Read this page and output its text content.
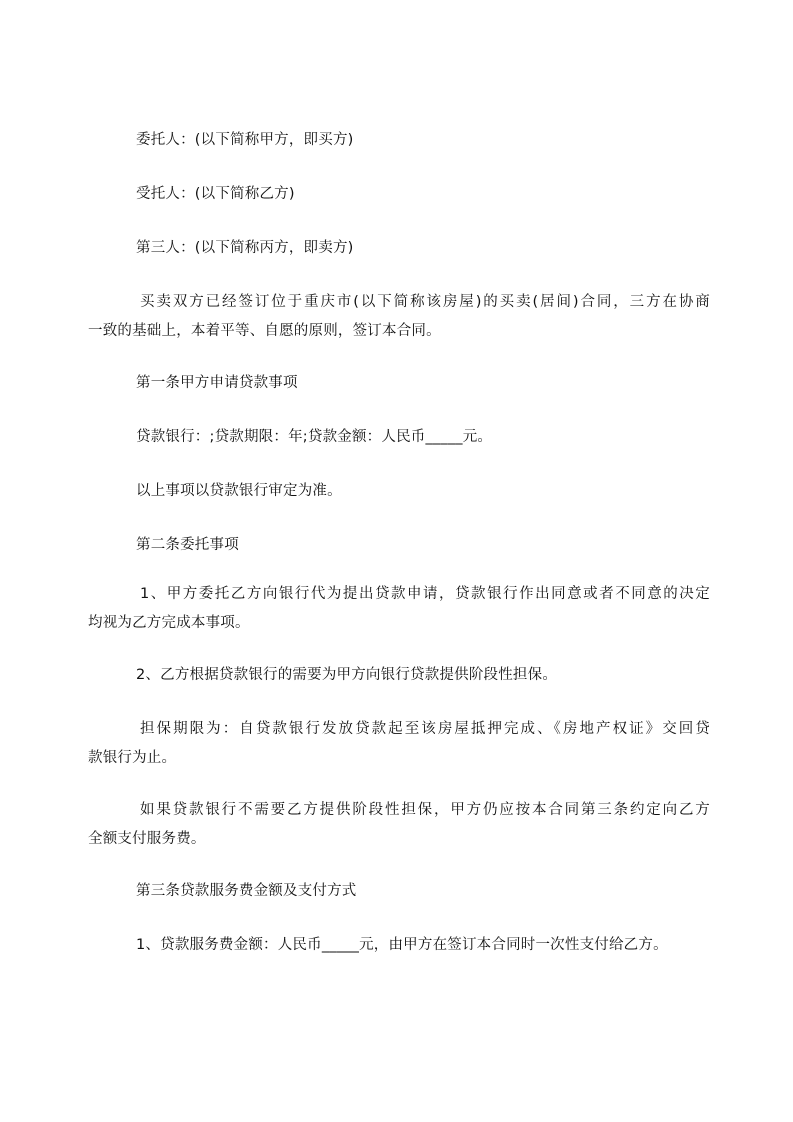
委托人：(以下简称甲方，即买方)
受托人：(以下简称乙方)
第三人：(以下简称丙方，即卖方)
买卖双方已经签订位于重庆市(以下简称该房屋)的买卖(居间)合同，三方在协商
一致的基础上，本着平等、自愿的原则，签订本合同。
第一条甲方申请贷款事项
贷款银行：;贷款期限：年;贷款金额：人民币_____元。
以上事项以贷款银行审定为准。
第二条委托事项
1、甲方委托乙方向银行代为提出贷款申请，贷款银行作出同意或者不同意的决定
均视为乙方完成本事项。
2、乙方根据贷款银行的需要为甲方向银行贷款提供阶段性担保。
担保期限为：自贷款银行发放贷款起至该房屋抵押完成、《房地产权证》交回贷
款银行为止。
如果贷款银行不需要乙方提供阶段性担保，甲方仍应按本合同第三条约定向乙方
全额支付服务费。
第三条贷款服务费金额及支付方式
1、贷款服务费金额：人民币_____元，由甲方在签订本合同时一次性支付给乙方。
